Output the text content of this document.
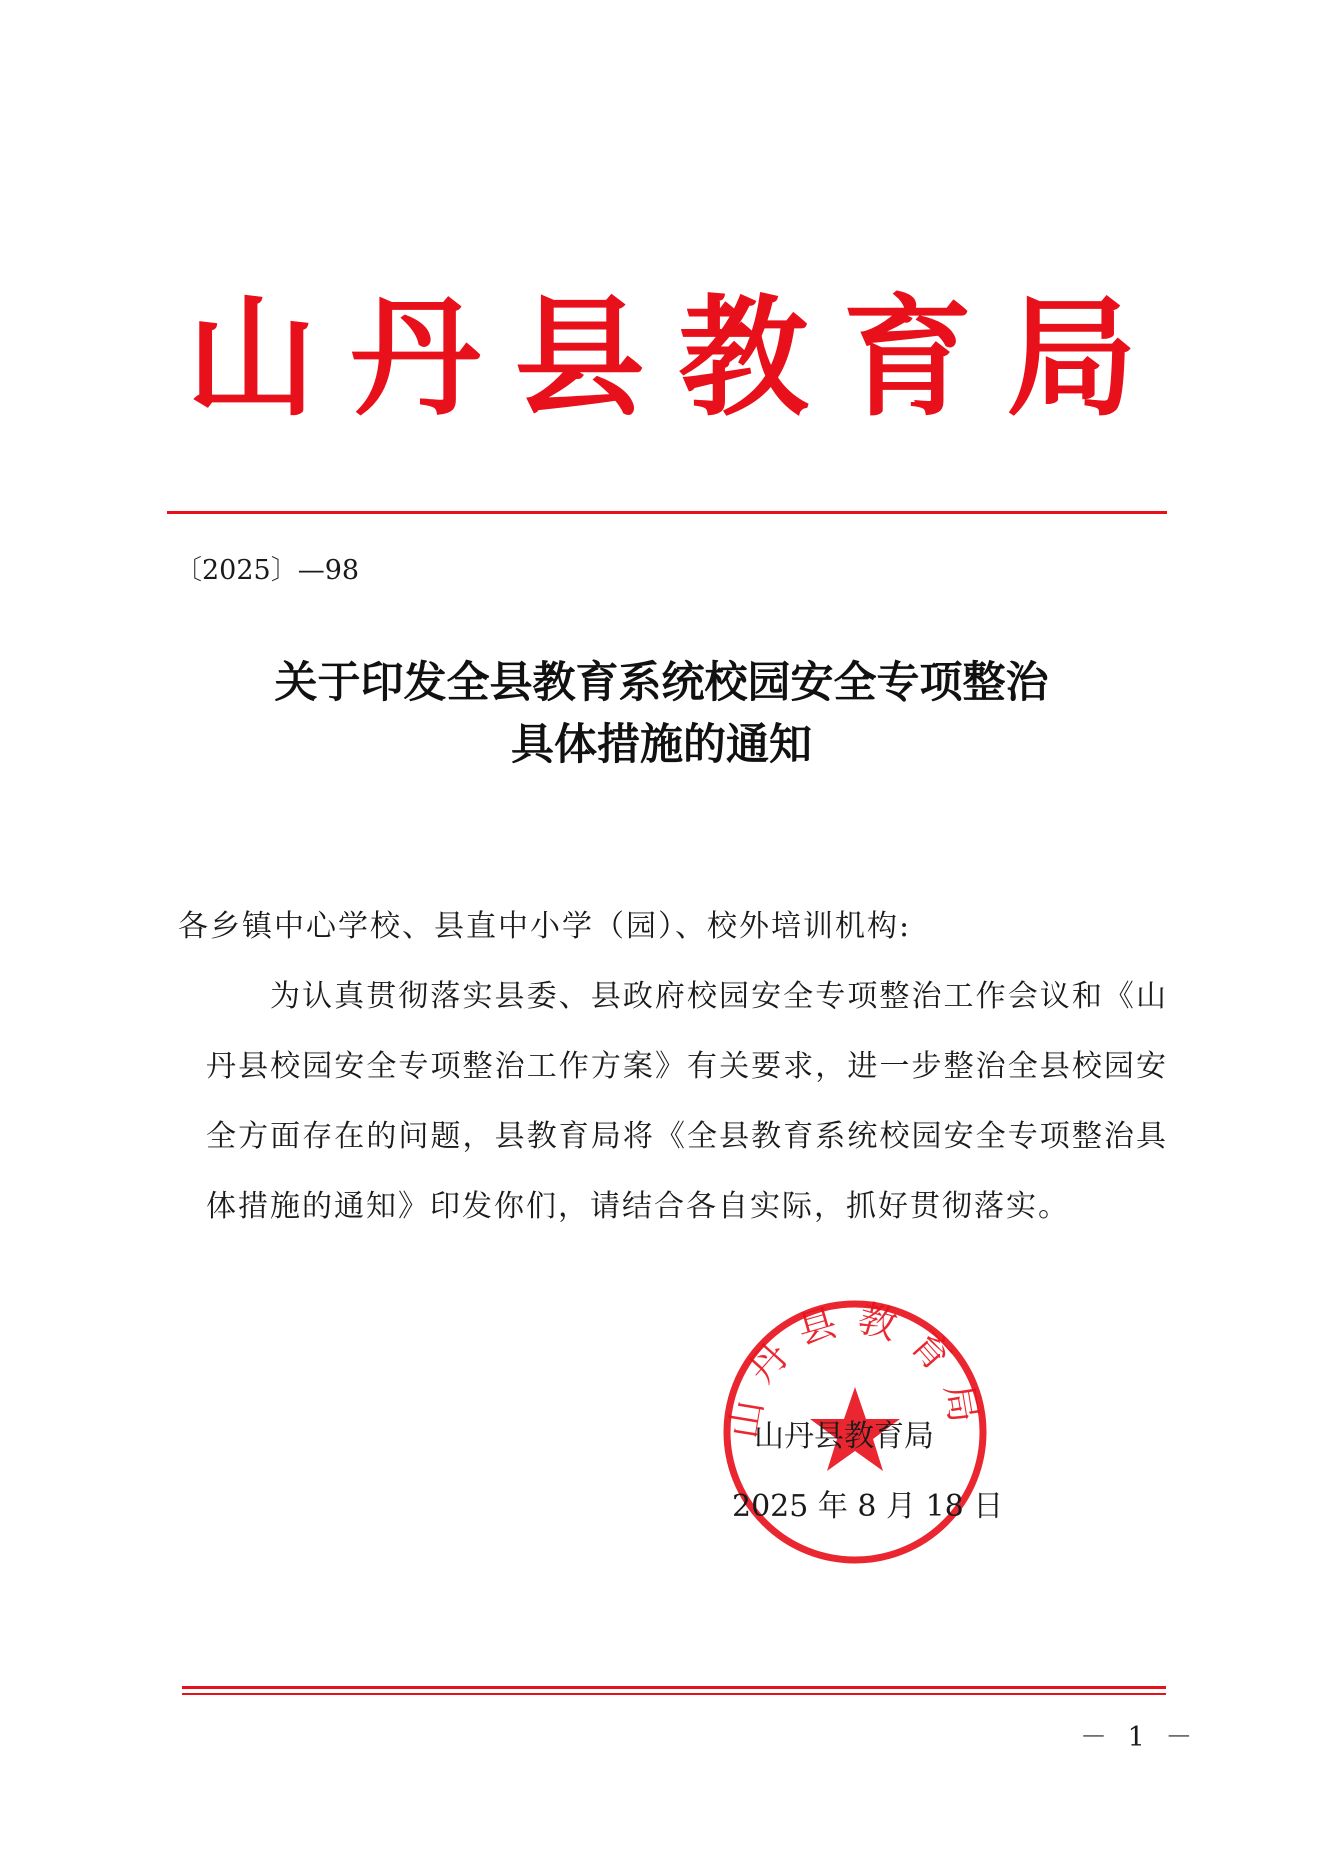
山丹县教育局
〔2025〕—98
关于印发全县教育系统校园安全专项整治
具体措施的通知
各乡镇中心学校、县直中小学（园）、校外培训机构:
为认真贯彻落实县委、县政府校园安全专项整治工作会议和《山丹县校园安全专项整治工作方案》有关要求，进一步整治全县校园安全方面存在的问题，县教育局将《全县教育系统校园安全专项整治具体措施的通知》印发你们，请结合各自实际，抓好贯彻落实。
山丹县教育局
山丹县教育局
2025 年 8 月 18 日
－ 1 －
